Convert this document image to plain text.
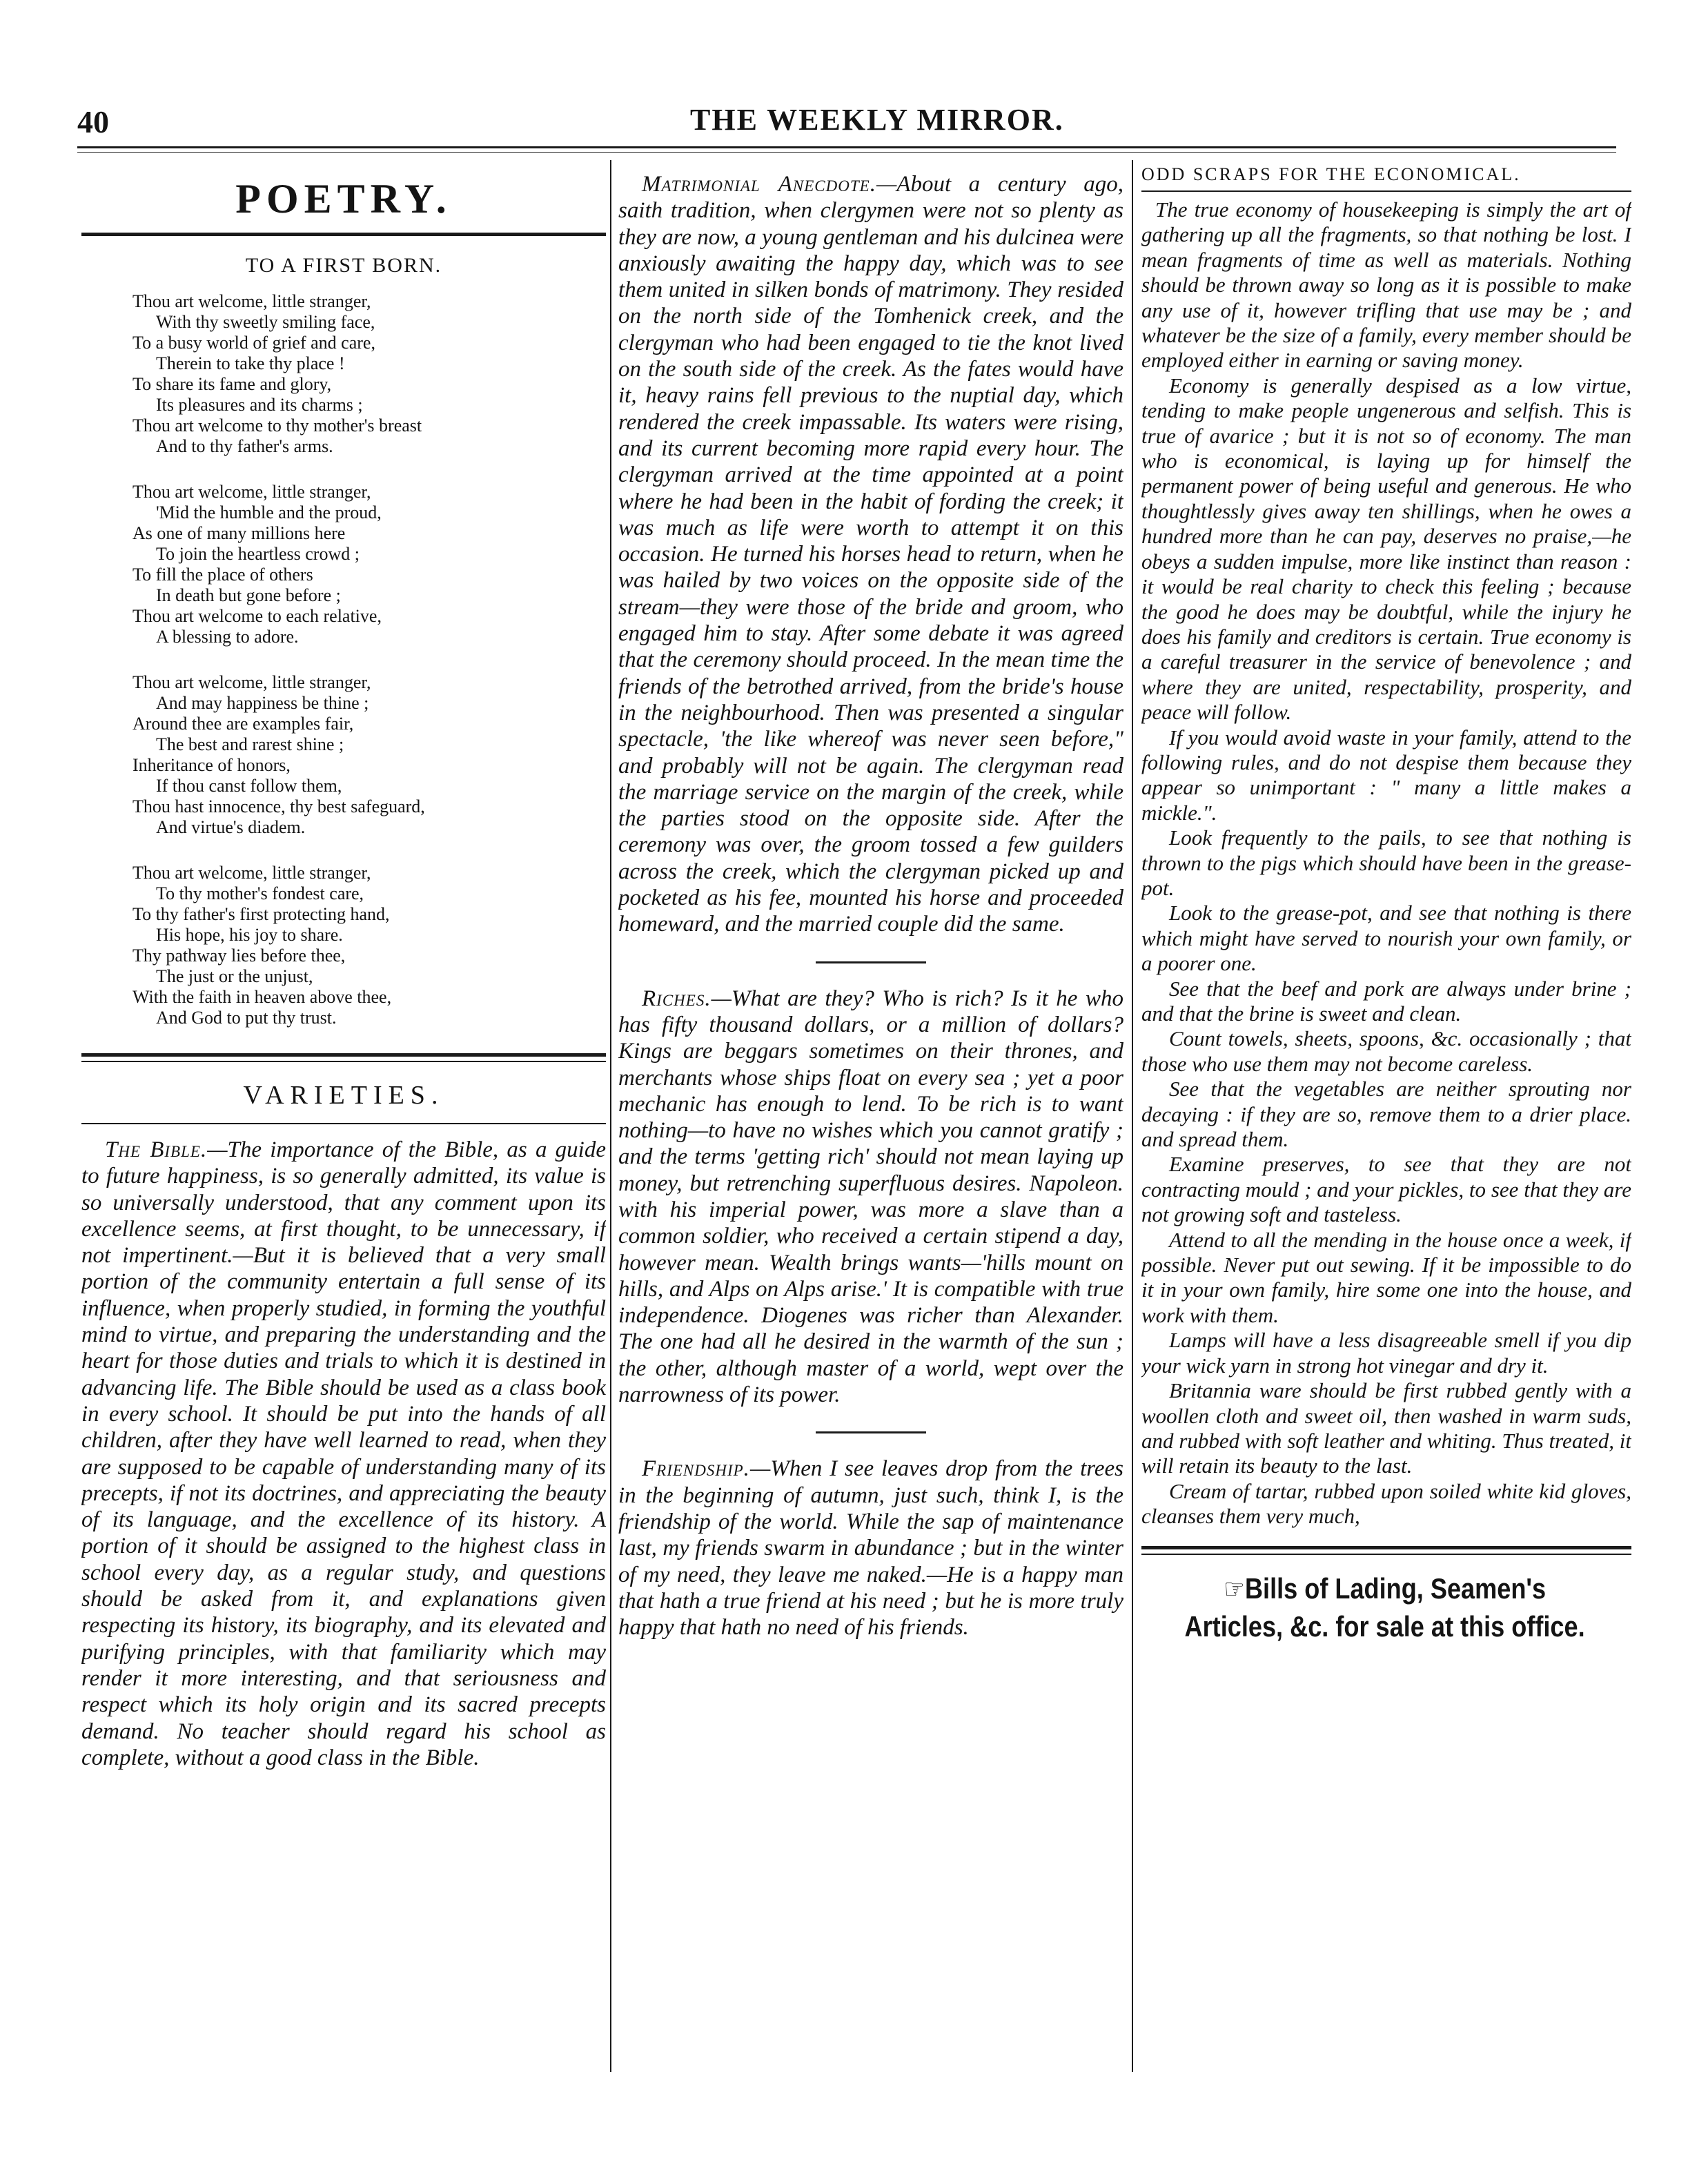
40	THE WEEKLY MIRROR.
POETRY.
TO A FIRST BORN.
Thou art welcome, little stranger,
With thy sweetly smiling face,
To a busy world of grief and care,
Therein to take thy place !
To share its fame and glory,
Its pleasures and its charms ;
Thou art welcome to thy mother's breast
And to thy father's arms.
Thou art welcome, little stranger,
'Mid the humble and the proud,
As one of many millions here
To join the heartless crowd ;
To fill the place of others
In death but gone before ;
Thou art welcome to each relative,
A blessing to adore.
Thou art welcome, little stranger,
And may happiness be thine ;
Around thee are examples fair,
The best and rarest shine ;
Inheritance of honors,
If thou canst follow them,
Thou hast innocence, thy best safeguard,
And virtue's diadem.
Thou art welcome, little stranger,
To thy mother's fondest care,
To thy father's first protecting hand,
His hope, his joy to share.
Thy pathway lies before thee,
The just or the unjust,
With the faith in heaven above thee,
And God to put thy trust.
VARIETIES.

The Bible.—The importance of the Bible, as a guide to future happiness, is so generally admitted, its value is so universally understood, that any comment upon its excellence seems, at first thought, to be unnecessary, if not impertinent.—But it is believed that a very small portion of the community entertain a full sense of its influence, when properly studied, in forming the youthful mind to virtue, and preparing the understanding and the heart for those duties and trials to which it is destined in advancing life. The Bible should be used as a class book in every school. It should be put into the hands of all children, after they have well learned to read, when they are supposed to be capable of understanding many of its precepts, if not its doctrines, and appreciating the beauty of its language, and the excellence of its history. A portion of it should be assigned to the highest class in school every day, as a regular study, and questions should be asked from it, and explanations given respecting its history, its biography, and its elevated and purifying principles, with that familiarity which may render it more interesting, and that seriousness and respect which its holy origin and its sacred precepts demand. No teacher should regard his school as complete, without a good class in the Bible.

Matrimonial Anecdote.—About a century ago, saith tradition, when clergymen were not so plenty as they are now, a young gentleman and his dulcinea were anxiously awaiting the happy day, which was to see them united in silken bonds of matrimony. They resided on the north side of the Tomhenick creek, and the clergyman who had been engaged to tie the knot lived on the south side of the creek. As the fates would have it, heavy rains fell previous to the nuptial day, which rendered the creek impassable. Its waters were rising, and its current becoming more rapid every hour. The clergyman arrived at the time appointed at a point where he had been in the habit of fording the creek; it was much as life were worth to attempt it on this occasion. He turned his horses head to return, when he was hailed by two voices on the opposite side of the stream—they were those of the bride and groom, who engaged him to stay. After some debate it was agreed that the ceremony should proceed. In the mean time the friends of the betrothed arrived, from the bride's house in the neighbourhood. Then was presented a singular spectacle, 'the like whereof was never seen before," and probably will not be again. The clergyman read the marriage service on the margin of the creek, while the parties stood on the opposite side. After the ceremony was over, the groom tossed a few guilders across the creek, which the clergyman picked up and pocketed as his fee, mounted his horse and proceeded homeward, and the married couple did the same.

Riches.—What are they? Who is rich? Is it he who has fifty thousand dollars, or a million of dollars? Kings are beggars sometimes on their thrones, and merchants whose ships float on every sea ; yet a poor mechanic has enough to lend. To be rich is to want nothing—to have no wishes which you cannot gratify ; and the terms 'getting rich' should not mean laying up money, but retrenching superfluous desires. Napoleon. with his imperial power, was more a slave than a common soldier, who received a certain stipend a day, however mean. Wealth brings wants—'hills mount on hills, and Alps on Alps arise.' It is compatible with true independence. Diogenes was richer than Alexander. The one had all he desired in the warmth of the sun ; the other, although master of a world, wept over the narrowness of its power.

Friendship.—When I see leaves drop from the trees in the beginning of autumn, just such, think I, is the friendship of the world. While the sap of maintenance last, my friends swarm in abundance ; but in the winter of my need, they leave me naked.—He is a happy man that hath a true friend at his need ; but he is more truly happy that hath no need of his friends.

ODD SCRAPS FOR THE ECONOMICAL.

The true economy of housekeeping is simply the art of gathering up all the fragments, so that nothing be lost. I mean fragments of time as well as materials. Nothing should be thrown away so long as it is possible to make any use of it, however trifling that use may be ; and whatever be the size of a family, every member should be employed either in earning or saving money.

Economy is generally despised as a low virtue, tending to make people ungenerous and selfish. This is true of avarice ; but it is not so of economy. The man who is economical, is laying up for himself the permanent power of being useful and generous. He who thoughtlessly gives away ten shillings, when he owes a hundred more than he can pay, deserves no praise,—he obeys a sudden impulse, more like instinct than reason : it would be real charity to check this feeling ; because the good he does may be doubtful, while the injury he does his family and creditors is certain. True economy is a careful treasurer in the service of benevolence ; and where they are united, respectability, prosperity, and peace will follow.

If you would avoid waste in your family, attend to the following rules, and do not despise them because they appear so unimportant : " many a little makes a mickle.".

Look frequently to the pails, to see that nothing is thrown to the pigs which should have been in the grease-pot.

Look to the grease-pot, and see that nothing is there which might have served to nourish your own family, or a poorer one.

See that the beef and pork are always under brine ; and that the brine is sweet and clean.

Count towels, sheets, spoons, &c. occasionally ; that those who use them may not become careless.

See that the vegetables are neither sprouting nor decaying : if they are so, remove them to a drier place. and spread them.

Examine preserves, to see that they are not contracting mould ; and your pickles, to see that they are not growing soft and tasteless.

Attend to all the mending in the house once a week, if possible. Never put out sewing. If it be impossible to do it in your own family, hire some one into the house, and work with them.

Lamps will have a less disagreeable smell if you dip your wick yarn in strong hot vinegar and dry it.

Britannia ware should be first rubbed gently with a woollen cloth and sweet oil, then washed in warm suds, and rubbed with soft leather and whiting. Thus treated, it will retain its beauty to the last.

Cream of tartar, rubbed upon soiled white kid gloves, cleanses them very much,

☞Bills of Lading, Seamen's
Articles, &c. for sale at this office.
